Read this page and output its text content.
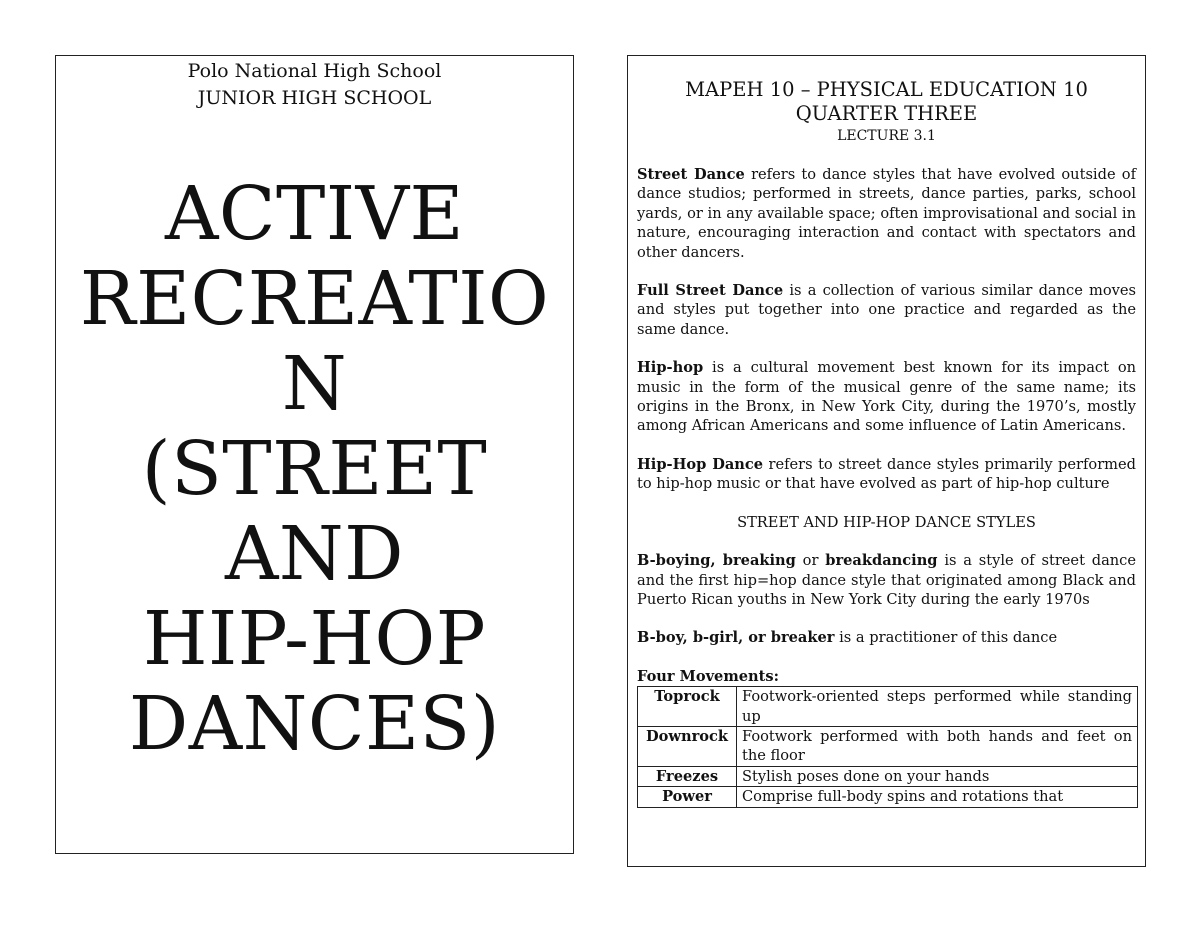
Polo National High School
JUNIOR HIGH SCHOOL
ACTIVE
RECREATIO
N
(STREET
AND
HIP-HOP
DANCES)
MAPEH 10 – PHYSICAL EDUCATION 10
QUARTER THREE
LECTURE 3.1
Street Dance refers to dance styles that have evolved outside of dance studios; performed in streets, dance parties, parks, school yards, or in any available space; often improvisational and social in nature, encouraging interaction and contact with spectators and other dancers.
Full Street Dance is a collection of various similar dance moves and styles put together into one practice and regarded as the same dance.
Hip-hop is a cultural movement best known for its impact on music in the form of the musical genre of the same name; its origins in the Bronx, in New York City, during the 1970’s, mostly among African Americans and some influence of Latin Americans.
Hip-Hop Dance refers to street dance styles primarily performed to hip-hop music or that have evolved as part of hip-hop culture
STREET AND HIP-HOP DANCE STYLES
B-boying, breaking or breakdancing is a style of street dance and the first hip=hop dance style that originated among Black and Puerto Rican youths in New York City during the early 1970s
B-boy, b-girl, or breaker is a practitioner of this dance
Four Movements:
Toprock	Footwork-oriented steps performed while standing up
Downrock	Footwork performed with both hands and feet on the floor
Freezes	Stylish poses done on your hands
Power	Comprise full-body spins and rotations that
